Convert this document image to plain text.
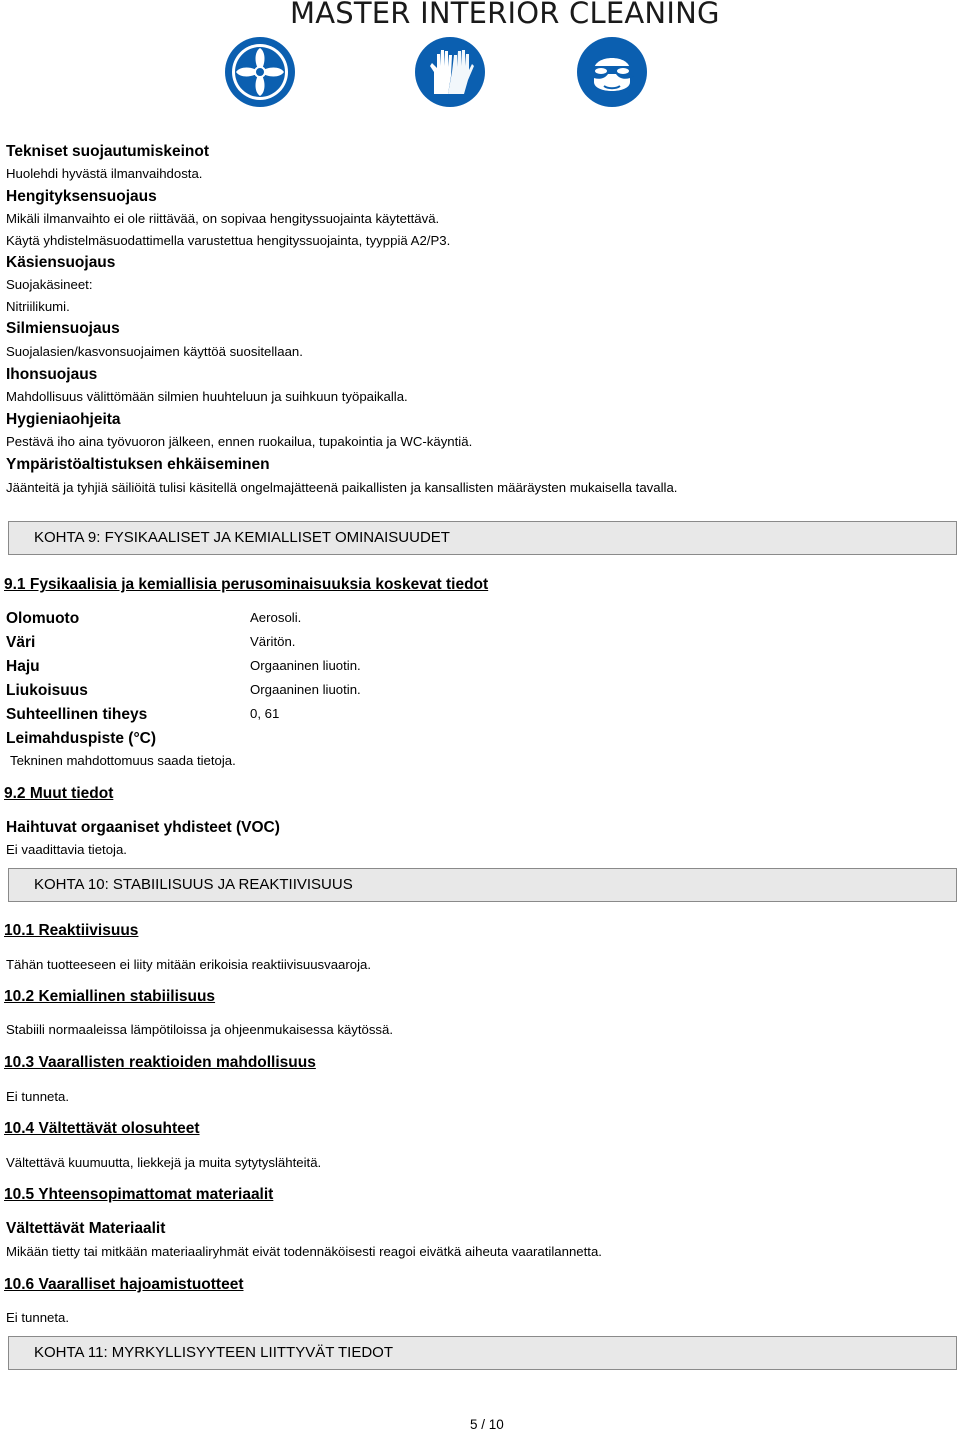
MASTER INTERIOR CLEANING
Tekniset suojautumiskeinot
Huolehdi hyvästä ilmanvaihdosta.
Hengityksensuojaus
Mikäli ilmanvaihto ei ole riittävää, on sopivaa hengityssuojainta käytettävä.
Käytä yhdistelmäsuodattimella varustettua hengityssuojainta, tyyppiä A2/P3.
Käsiensuojaus
Suojakäsineet:
Nitriilikumi.
Silmiensuojaus
Suojalasien/kasvonsuojaimen käyttöä suositellaan.
Ihonsuojaus
Mahdollisuus välittömään silmien huuhteluun ja suihkuun työpaikalla.
Hygieniaohjeita
Pestävä iho aina työvuoron jälkeen, ennen ruokailua, tupakointia ja WC-käyntiä.
Ympäristöaltistuksen ehkäiseminen
Jäänteitä ja tyhjiä säiliöitä tulisi käsitellä ongelmajätteenä paikallisten ja kansallisten määräysten mukaisella tavalla.
KOHTA 9: FYSIKAALISET JA KEMIALLISET OMINAISUUDET
9.1 Fysikaalisia ja kemiallisia perusominaisuuksia koskevat tiedot
Olomuoto	Aerosoli.
Väri	Väritön.
Haju	Orgaaninen liuotin.
Liukoisuus	Orgaaninen liuotin.
Suhteellinen tiheys	0, 61
Leimahduspiste (°C)
Tekninen mahdottomuus saada tietoja.
9.2 Muut tiedot
Haihtuvat orgaaniset yhdisteet (VOC)
Ei vaadittavia tietoja.
KOHTA 10: STABIILISUUS JA REAKTIIVISUUS
10.1 Reaktiivisuus
Tähän tuotteeseen ei liity mitään erikoisia reaktiivisuusvaaroja.
10.2 Kemiallinen stabiilisuus
Stabiili normaaleissa lämpötiloissa ja ohjeenmukaisessa käytössä.
10.3 Vaarallisten reaktioiden mahdollisuus
Ei tunneta.
10.4 Vältettävät olosuhteet
Vältettävä kuumuutta, liekkejä ja muita sytytyslähteitä.
10.5 Yhteensopimattomat materiaalit
Vältettävät Materiaalit
Mikään tietty tai mitkään materiaaliryhmät eivät todennäköisesti reagoi eivätkä aiheuta vaaratilannetta.
10.6 Vaaralliset hajoamistuotteet
Ei tunneta.
KOHTA 11: MYRKYLLISYYTEEN LIITTYVÄT TIEDOT
5 / 10
